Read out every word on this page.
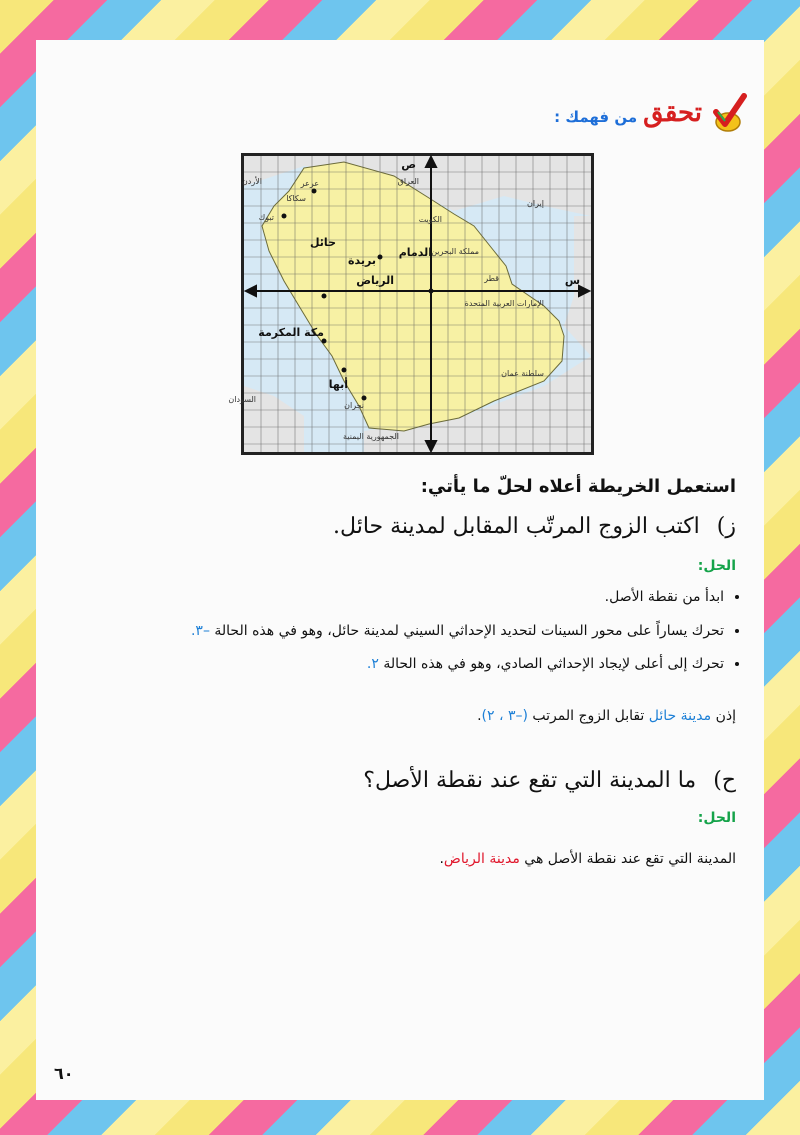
تحقق
من فهمك :
العراق
الأردن
إيران
الكويت
مملكة البحرين
قطر
الإمارات العربية المتحدة
سلطنة عمان
السودان
الجمهورية اليمنية
تبوك
سكاكا
عرعر
نجران
حائل
بريدة
الدمام
الرياض
مكة المكرمة
أبها
ص
س
استعمل الخريطة أعلاه لحلّ ما يأتي:
ز) اكتب الزوج المرتّب المقابل لمدينة حائل.
الحل:
• ابدأ من نقطة الأصل.
• تحرك يساراً على محور السينات لتحديد الإحداثي السيني لمدينة حائل، وهو في هذه الحالة –٣.
• تحرك إلى أعلى لإيجاد الإحداثي الصادي، وهو في هذه الحالة ٢.
إذن مدينة حائل تقابل الزوج المرتب (–٣ ، ٢).
ح) ما المدينة التي تقع عند نقطة الأصل؟
الحل:
المدينة التي تقع عند نقطة الأصل هي مدينة الرياض.
٦٠
